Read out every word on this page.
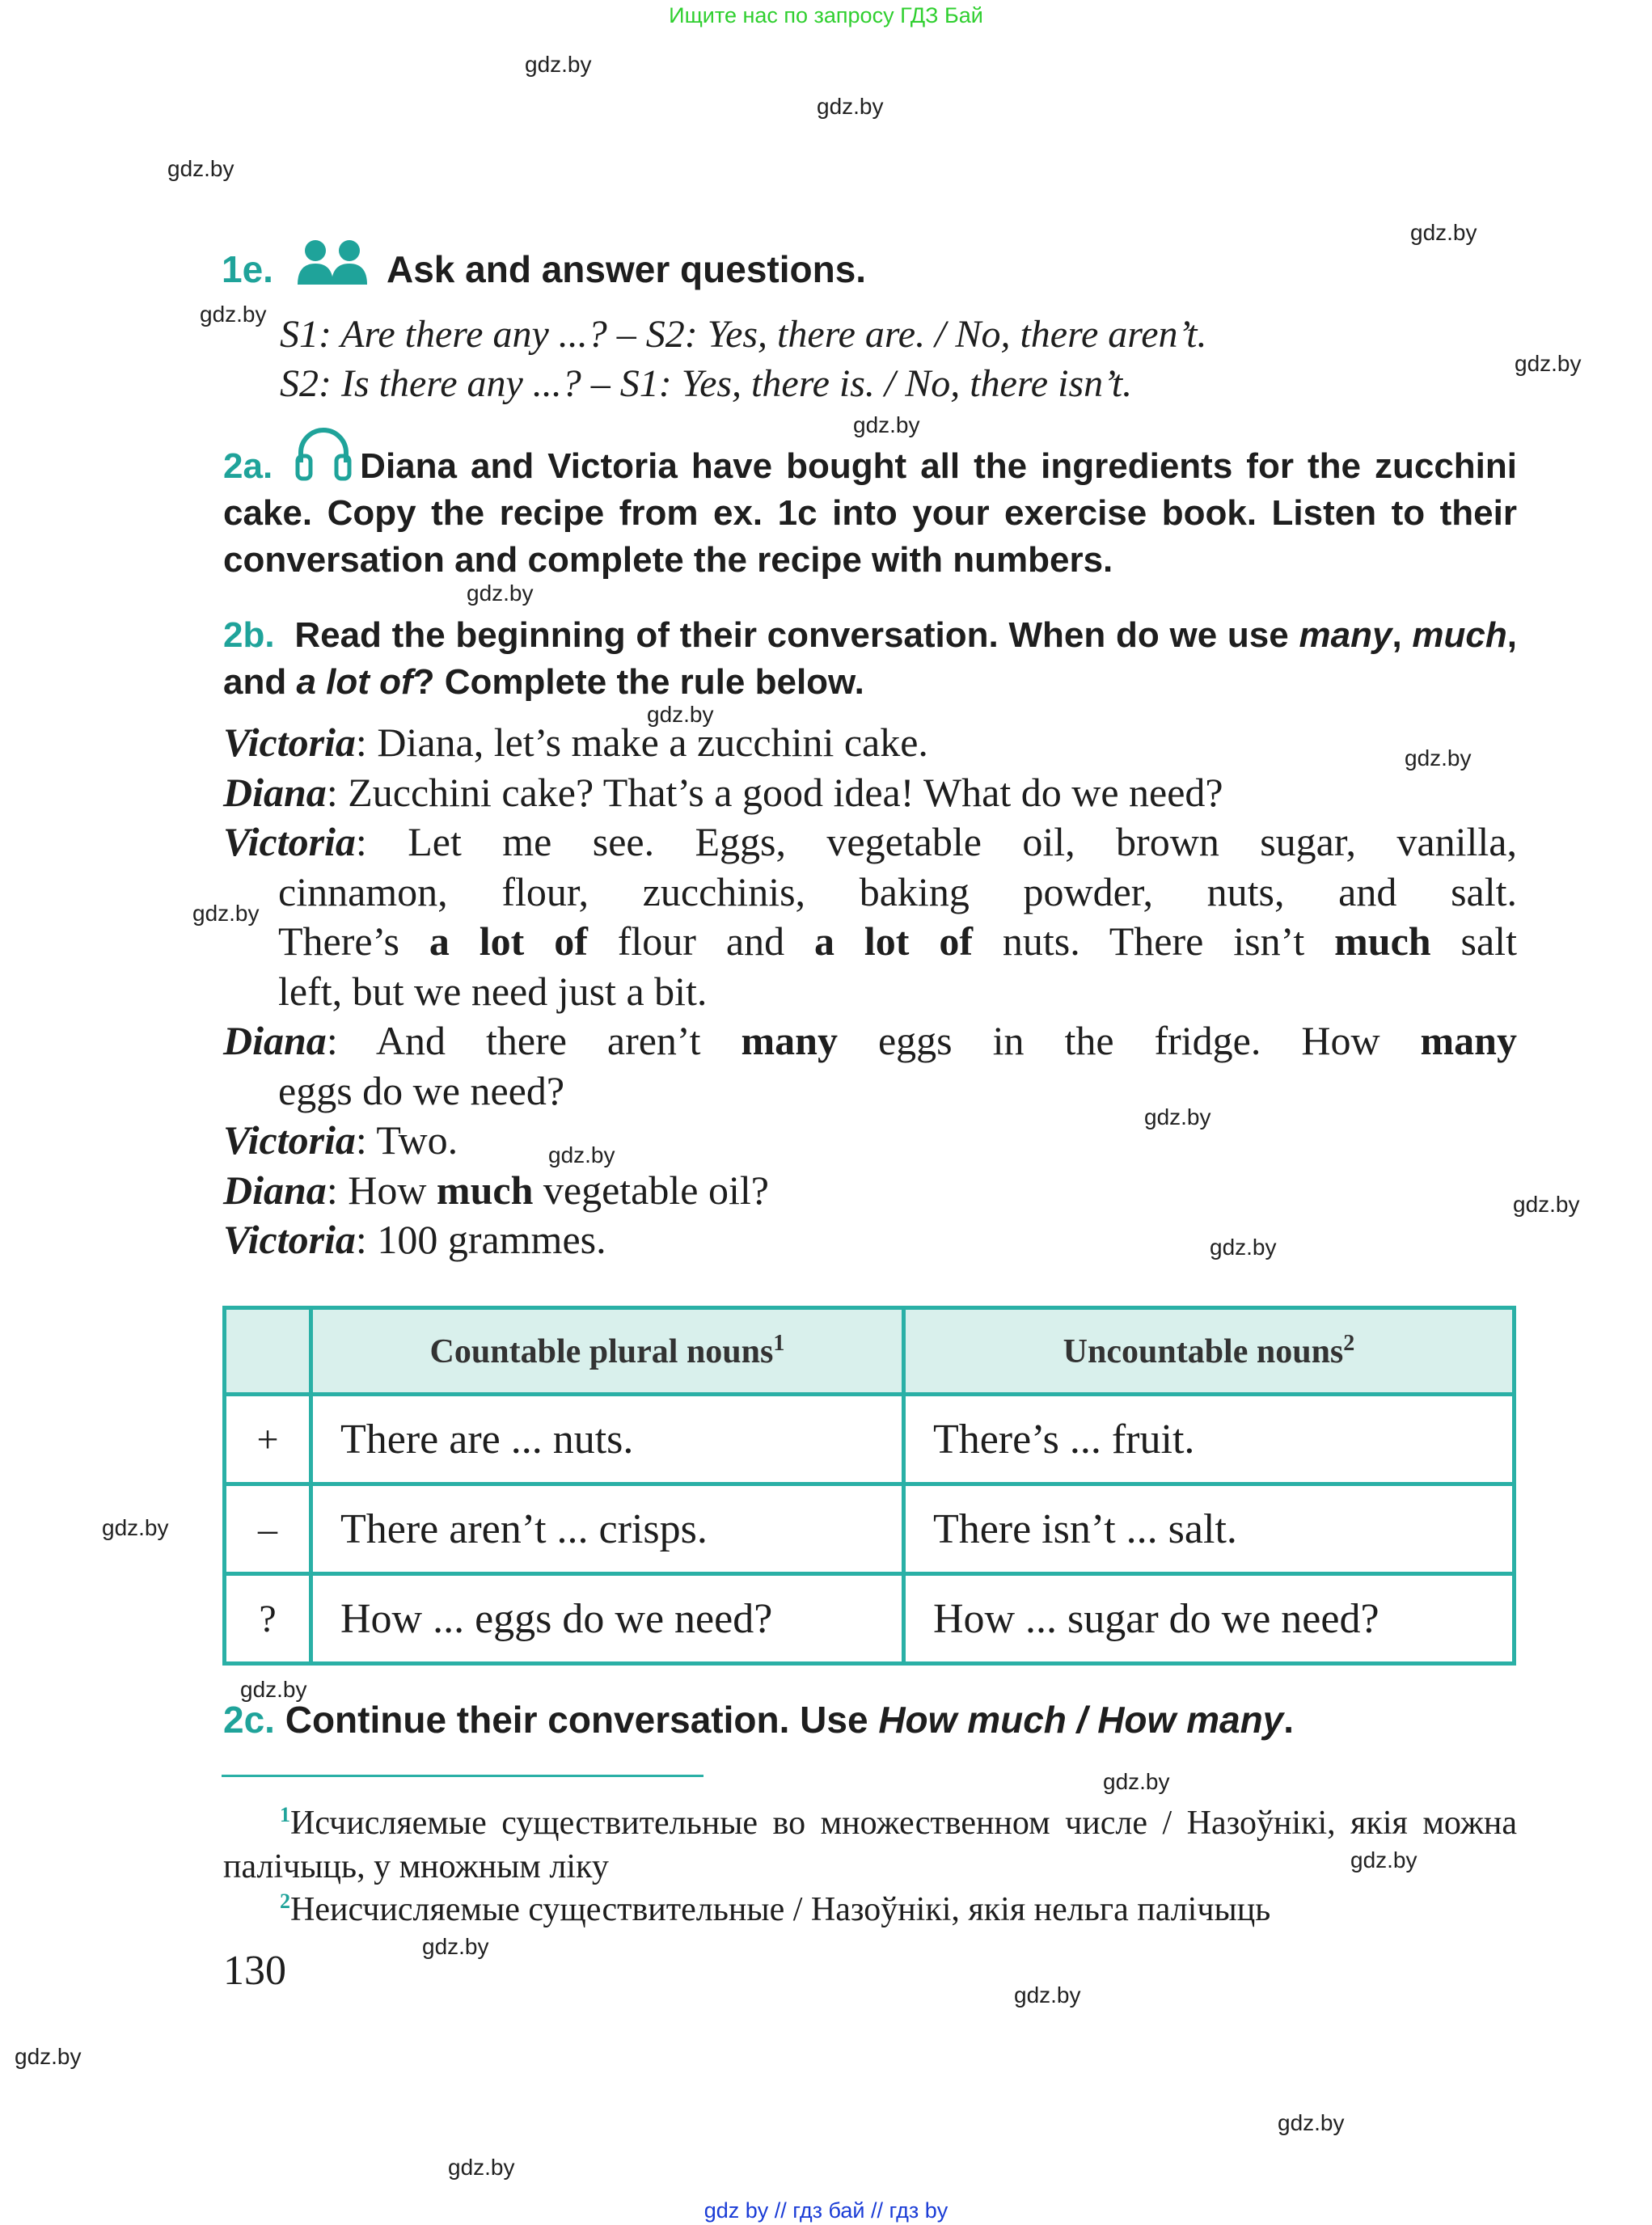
Ищите нас по запросу ГДЗ Бай
gdz by // гдз бай // гдз by
gdz.by
gdz.by
gdz.by
gdz.by
gdz.by
gdz.by
gdz.by
gdz.by
gdz.by
gdz.by
gdz.by
gdz.by
gdz.by
gdz.by
gdz.by
gdz.by
gdz.by
gdz.by
gdz.by
gdz.by
gdz.by
gdz.by
gdz.by
gdz.by
1e.	Ask and answer questions.
S1: Are there any ...? – S2: Yes, there are. / No, there aren’t.
S2: Is there any ...? – S1: Yes, there is. / No, there isn’t.
2a. Diana and Victoria have bought all the ingredients for the zucchini cake. Copy the recipe from ex. 1c into your exercise book. Listen to their conversation and complete the recipe with numbers.
2b. Read the beginning of their conversation. When do we use many, much, and a lot of? Complete the rule below.
Victoria: Diana, let’s make a zucchini cake.
Diana: Zucchini cake? That’s a good idea! What do we need?
Victoria: Let me see. Eggs, vegetable oil, brown sugar, vanilla,
cinnamon, flour, zucchinis, baking powder, nuts, and salt.
There’s a lot of flour and a lot of nuts. There isn’t much salt
left, but we need just a bit.
Diana: And there aren’t many eggs in the fridge. How many
eggs do we need?
Victoria: Two.
Diana: How much vegetable oil?
Victoria: 100 grammes.
	Countable plural nouns$^1$	Uncountable nouns$^2$
+	There are ... nuts.	There’s ... fruit.
–	There aren’t ... crisps.	There isn’t ... salt.
?	How ... eggs do we need?	How ... sugar do we need?
2c. Continue their conversation. Use How much / How many.
$^1$Исчисляемые существительные во множественном числе / Назоўнікі, якія можна палічыць, у множным ліку
$^2$Неисчисляемые существительные / Назоўнікі, якія нельга палічыць
130
